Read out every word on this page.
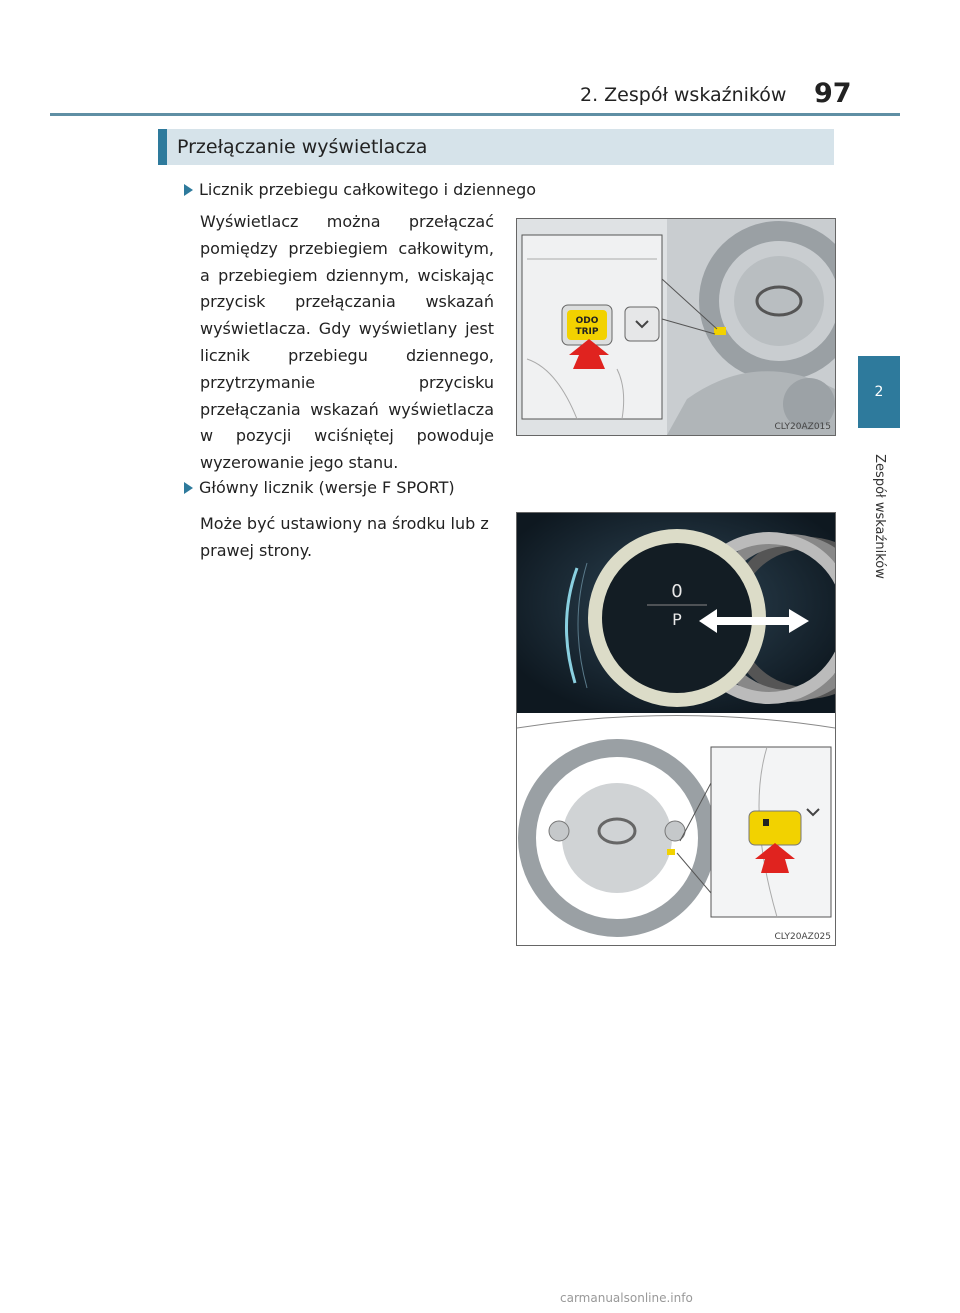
2. Zespół wskaźników 97
Przełączanie wyświetlacza
2
Zespół wskaźników
Licznik przebiegu całkowitego i dziennego
Wyświetlacz można przełączać pomiędzy przebiegiem całkowitym, a przebiegiem dziennym, wciskając przycisk przełączania wskazań wyświetlacza. Gdy wyświetlany jest licznik przebiegu dziennego, przytrzymanie przycisku przełączania wskazań wyświetlacza w pozycji wciśniętej powoduje wyzerowanie jego stanu.
ODO
TRIP
CLY20AZ015
Główny licznik (wersje F SPORT)
Może być ustawiony na środku lub z prawej strony.
0
P
CLY20AZ025
carmanualsonline.info
